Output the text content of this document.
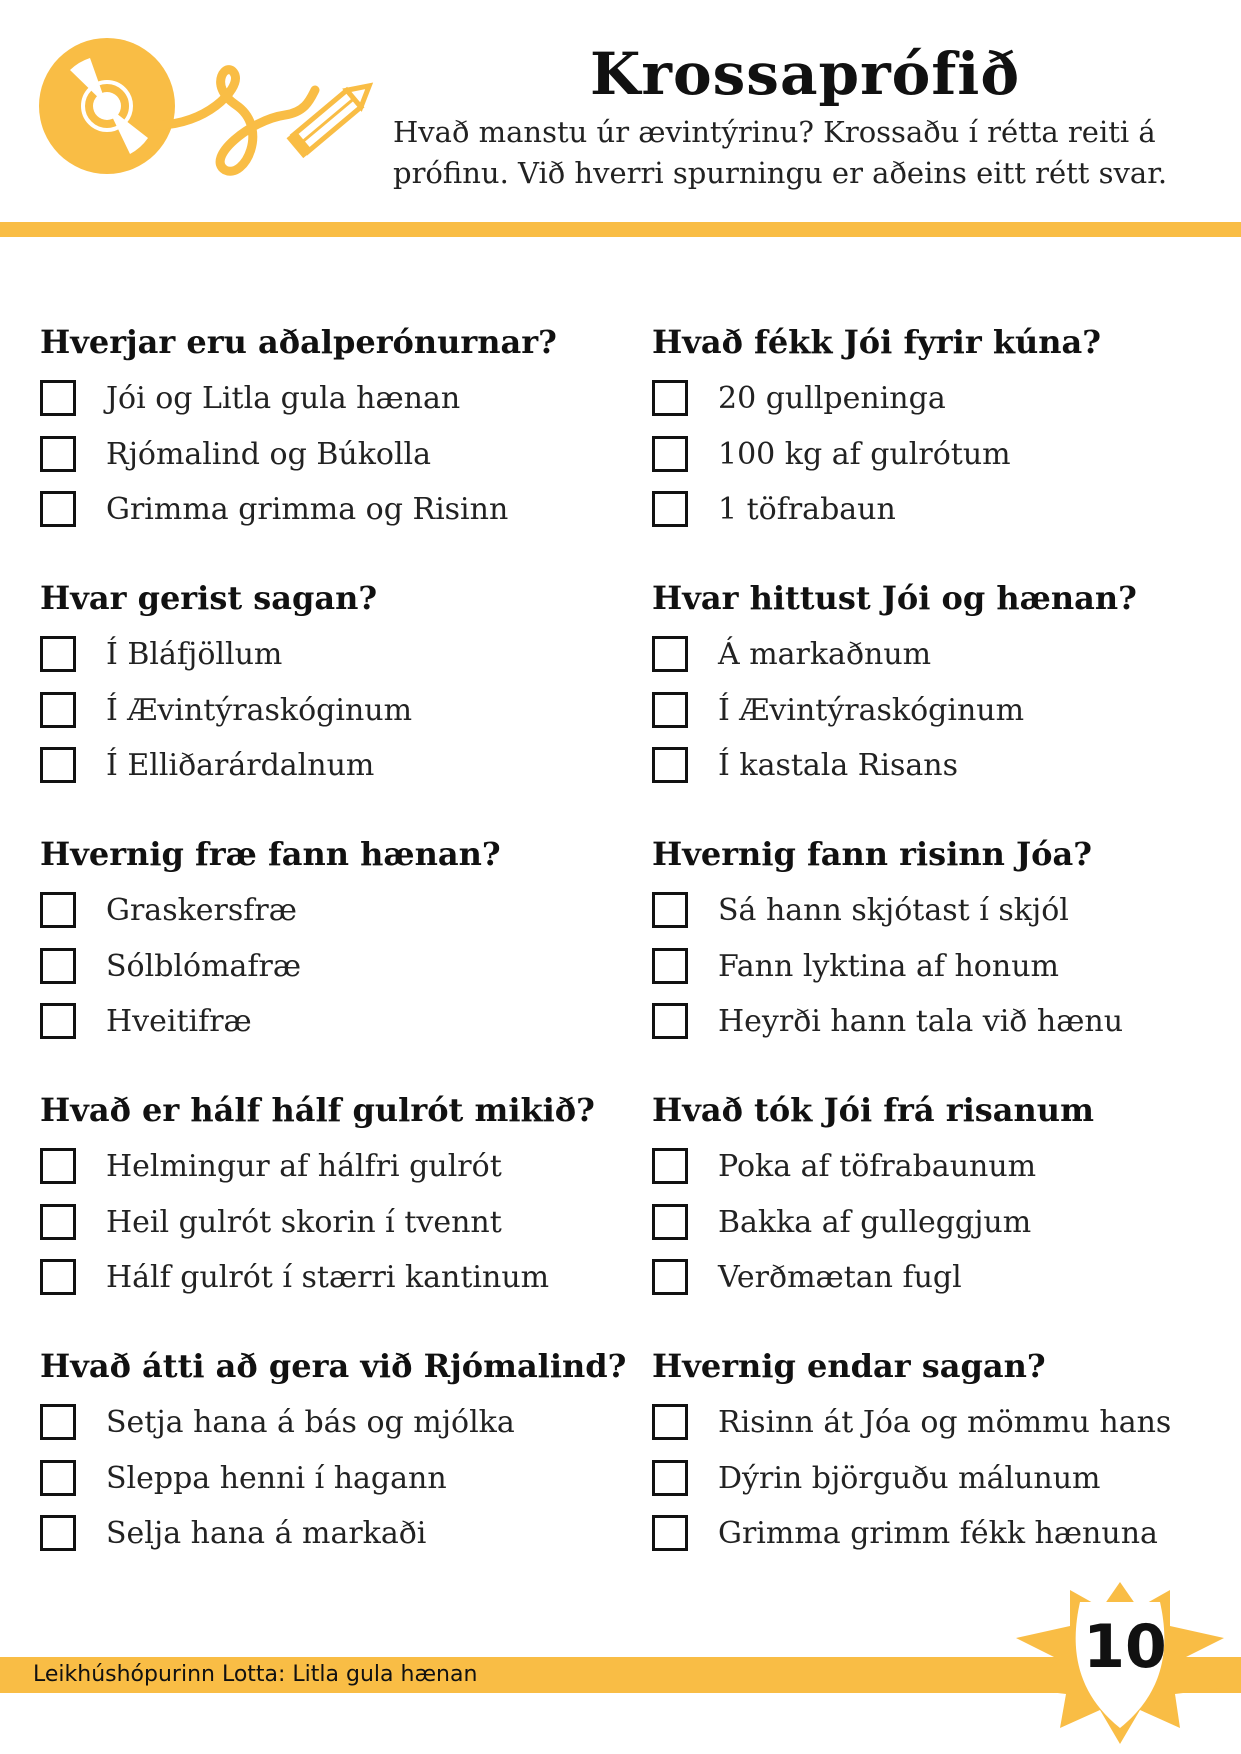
Krossaprófið
Hvað manstu úr ævintýrinu? Krossaðu í rétta reiti á
prófinu. Við hverri spurningu er aðeins eitt rétt svar.
Hverjar eru aðalperónurnar?
Jói og Litla gula hænan
Rjómalind og Búkolla
Grimma grimma og Risinn
Hvar gerist sagan?
Í Bláfjöllum
Í Ævintýraskóginum
Í Elliðarárdalnum
Hvernig fræ fann hænan?
Graskersfræ
Sólblómafræ
Hveitifræ
Hvað er hálf hálf gulrót mikið?
Helmingur af hálfri gulrót
Heil gulrót skorin í tvennt
Hálf gulrót í stærri kantinum
Hvað átti að gera við Rjómalind?
Setja hana á bás og mjólka
Sleppa henni í hagann
Selja hana á markaði
Hvað fékk Jói fyrir kúna?
20 gullpeninga
100 kg af gulrótum
1 töfrabaun
Hvar hittust Jói og hænan?
Á markaðnum
Í Ævintýraskóginum
Í kastala Risans
Hvernig fann risinn Jóa?
Sá hann skjótast í skjól
Fann lyktina af honum
Heyrði hann tala við hænu
Hvað tók Jói frá risanum
Poka af töfrabaunum
Bakka af gulleggjum
Verðmætan fugl
Hvernig endar sagan?
Risinn át Jóa og mömmu hans
Dýrin björguðu málunum
Grimma grimm fékk hænuna
Leikhúshópurinn Lotta: Litla gula hænan	10
